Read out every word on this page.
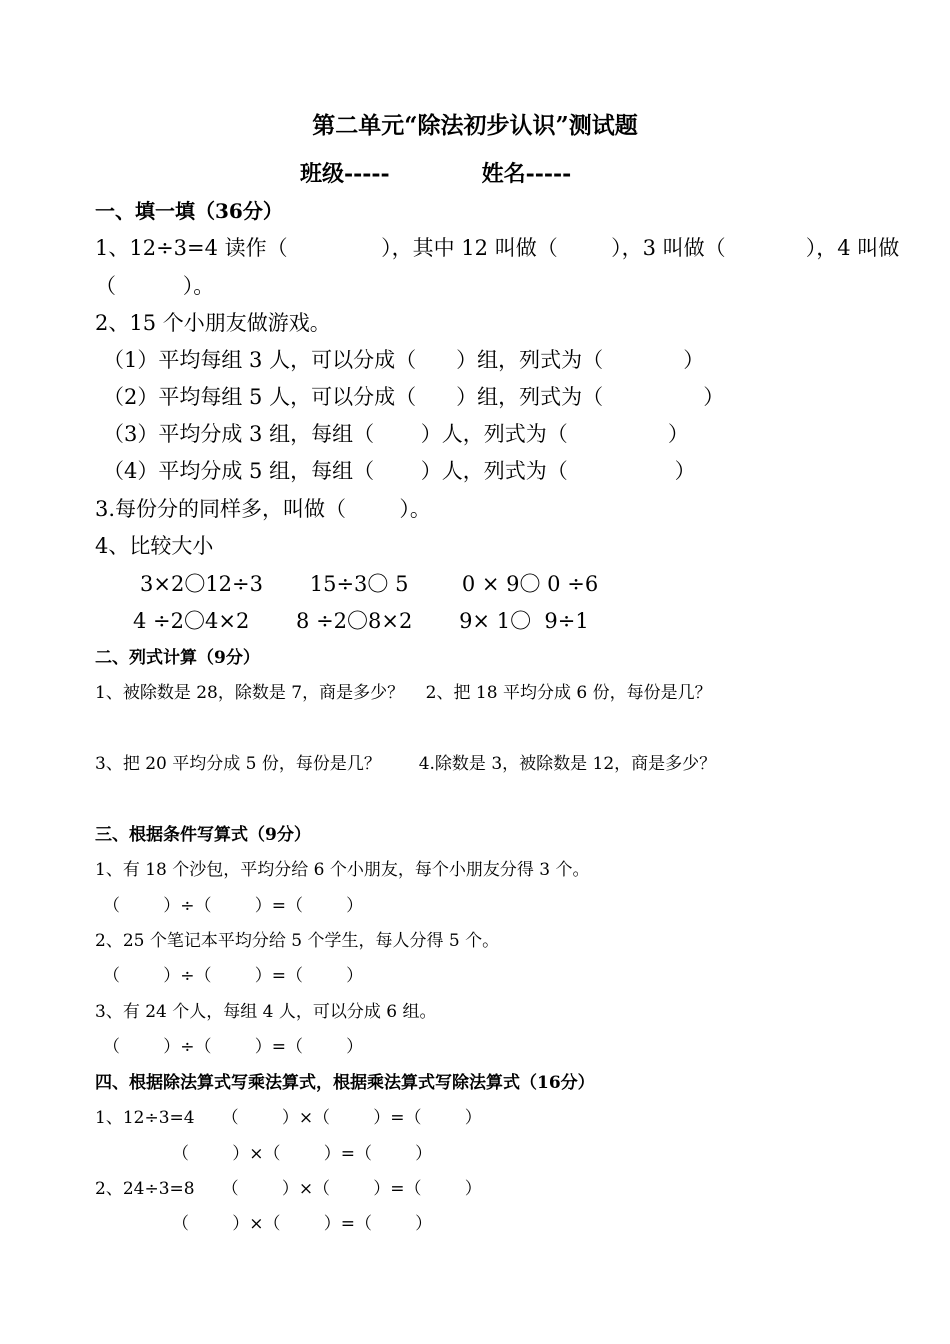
第二单元“除法初步认识”测试题
班级-----            姓名-----
一、填一填（36分）
1、12÷3=4 读作（              ），其中 12 叫做（        ），3 叫做（            ），4 叫做
（          ）。
2、15 个小朋友做游戏。
（1）平均每组 3 人，可以分成（      ）组，列式为（            ）
（2）平均每组 5 人，可以分成（      ）组，列式为（               ）
（3）平均分成 3 组，每组（       ）人，列式为（               ）
（4）平均分成 5 组，每组（       ）人，列式为（                ）
3.每份分的同样多，叫做（        ）。
4、比较大小
3×2〇12÷3       15÷3〇 5        0 × 9〇 0 ÷6
4 ÷2〇4×2       8 ÷2〇8×2       9× 1〇  9÷1
二、列式计算（9分）
1、被除数是 28，除数是 7，商是多少？    2、把 18 平均分成 6 份，每份是几？
3、把 20 平均分成 5 份，每份是几？       4.除数是 3，被除数是 12，商是多少？
三、根据条件写算式（9分）
1、有 18 个沙包，平均分给 6 个小朋友，每个小朋友分得 3 个。
（        ）÷（        ）=（        ）
2、25 个笔记本平均分给 5 个学生，每人分得 5 个。
（        ）÷（        ）=（        ）
3、有 24 个人，每组 4 人，可以分成 6 组。
（        ）÷（        ）=（        ）
四、根据除法算式写乘法算式，根据乘法算式写除法算式（16分）
1、12÷3=4     （        ）×（        ）=（        ）
（        ）×（        ）=（        ）
2、24÷3=8     （        ）×（        ）=（        ）
（        ）×（        ）=（        ）
